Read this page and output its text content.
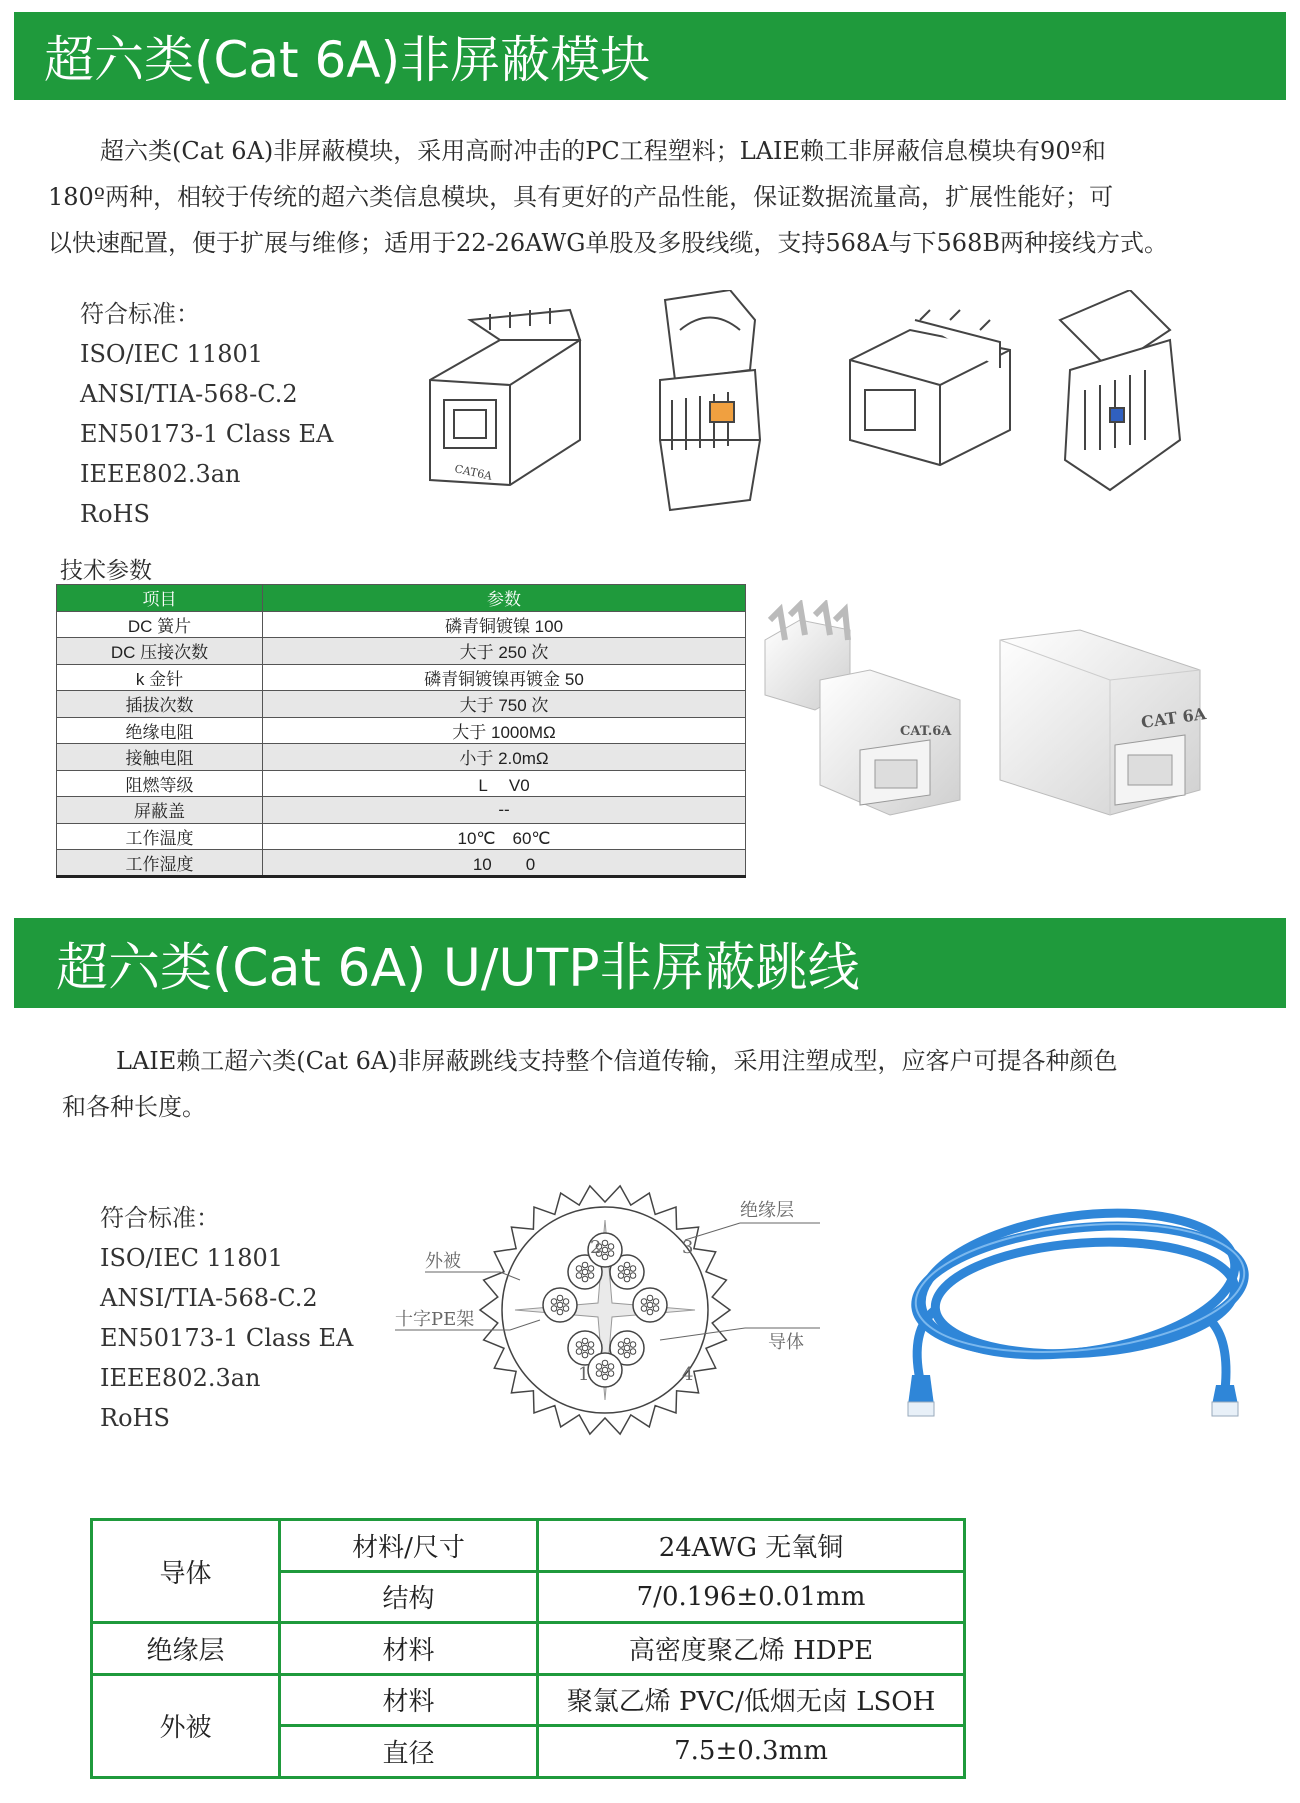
超六类(Cat 6A)非屏蔽模块
超六类(Cat 6A)非屏蔽模块，采用高耐冲击的PC工程塑料；LAIE赖工非屏蔽信息模块有90º和
180º两种，相较于传统的超六类信息模块，具有更好的产品性能，保证数据流量高，扩展性能好；可
以快速配置，便于扩展与维修；适用于22-26AWG单股及多股线缆，支持568A与下568B两种接线方式。
符合标准：
ISO/IEC 11801
ANSI/TIA-568-C.2
EN50173-1 Class EA
IEEE802.3an
RoHS
CAT6A
技术参数
项目	参数
DC 簧片	磷青铜镀镍 100
DC 压接次数	大于 250 次
k 金针	磷青铜镀镍再镀金 50
插拔次数	大于 750 次
绝缘电阻	大于 1000MΩ
接触电阻	小于 2.0mΩ
阻燃等级	L　 V0
屏蔽盖	--
工作温度	10℃　60℃
工作湿度	10　　0
CAT.6A	CAT 6A
超六类(Cat 6A) U/UTP非屏蔽跳线
LAIE赖工超六类(Cat 6A)非屏蔽跳线支持整个信道传输，采用注塑成型，应客户可提各种颜色
和各种长度。
符合标准：
ISO/IEC 11801
ANSI/TIA-568-C.2
EN50173-1 Class EA
IEEE802.3an
RoHS
2	3
1	4
外被
十字PE架
绝缘层
导体
导体	材料/尺寸	24AWG 无氧铜
	结构	7/0.196±0.01mm
绝缘层	材料	高密度聚乙烯 HDPE
外被	材料	聚氯乙烯 PVC/低烟无卤 LSOH
	直径	7.5±0.3mm
